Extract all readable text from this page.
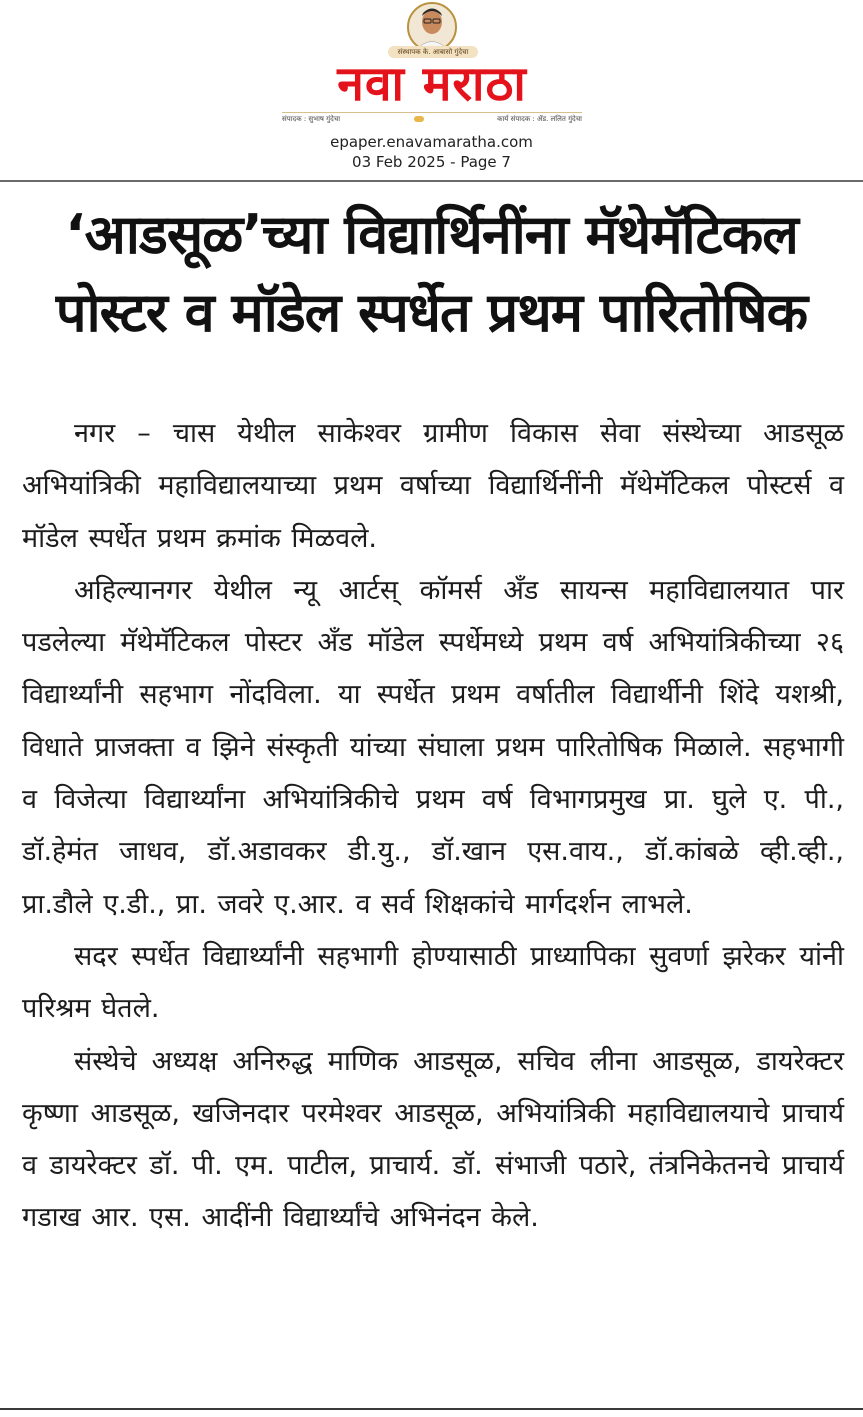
संस्थापक के. आबासो गुंदेचा
नवा मराठा
संपादक : सुभाष गुंदेचा	कार्य संपादक : ॲड. ललित गुंदेचा
epaper.enavamaratha.com
03 Feb 2025 - Page 7
‘आडसूळ’च्या विद्यार्थिनींना मॅथेमॅटिकल
पोस्टर व मॉडेल स्पर्धेत प्रथम पारितोषिक

नगर – चास येथील साकेश्वर ग्रामीण विकास सेवा संस्थेच्या आडसूळ अभियांत्रिकी महाविद्यालयाच्या प्रथम वर्षाच्या विद्यार्थिनींनी मॅथेमॅटिकल पोस्टर्स व मॉडेल स्पर्धेत प्रथम क्रमांक मिळवले.

अहिल्यानगर येथील न्यू आर्टस् कॉमर्स अँड सायन्स महाविद्यालयात पार पडलेल्या मॅथेमॅटिकल पोस्टर अँड मॉडेल स्पर्धेमध्ये प्रथम वर्ष अभियांत्रिकीच्या २६ विद्यार्थ्यांनी सहभाग नोंदविला. या स्पर्धेत प्रथम वर्षातील विद्यार्थीनी शिंदे यशश्री, विधाते प्राजक्ता व झिने संस्कृती यांच्या संघाला प्रथम पारितोषिक मिळाले. सहभागी व विजेत्या विद्यार्थ्यांना अभियांत्रिकीचे प्रथम वर्ष विभागप्रमुख प्रा. घुले ए. पी., डॉ.हेमंत जाधव, डॉ.अडावकर डी.यु., डॉ.खान एस.वाय., डॉ.कांबळे व्ही.व्ही., प्रा.डौले ए.डी., प्रा. जवरे ए.आर. व सर्व शिक्षकांचे मार्गदर्शन लाभले.

सदर स्पर्धेत विद्यार्थ्यांनी सहभागी होण्यासाठी प्राध्यापिका सुवर्णा झरेकर यांनी परिश्रम घेतले.

संस्थेचे अध्यक्ष अनिरुद्ध माणिक आडसूळ, सचिव लीना आडसूळ, डायरेक्टर कृष्णा आडसूळ, खजिनदार परमेश्वर आडसूळ, अभियांत्रिकी महाविद्यालयाचे प्राचार्य व डायरेक्टर डॉ. पी. एम. पाटील, प्राचार्य. डॉ. संभाजी पठारे, तंत्रनिकेतनचे प्राचार्य गडाख आर. एस. आदींनी विद्यार्थ्यांचे अभिनंदन केले.
